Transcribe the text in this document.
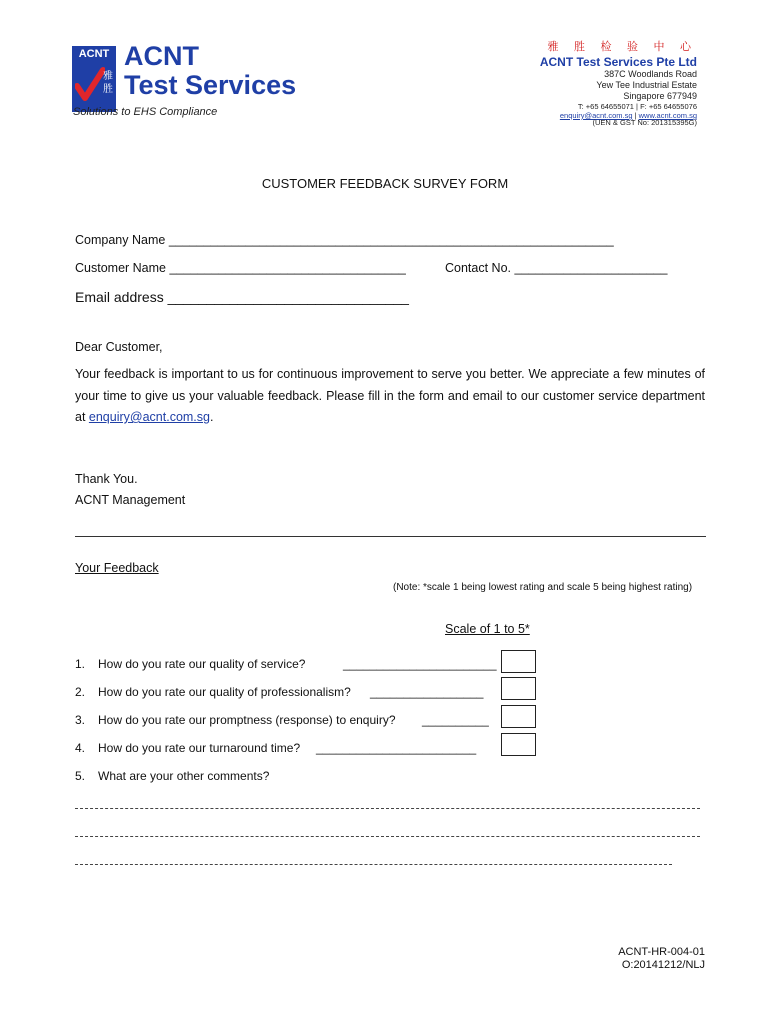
ACNT
雅
胜
ACNT
Test Services
Solutions to EHS Compliance
雅 胜 检 验 中 心
ACNT Test Services Pte Ltd
387C Woodlands Road
Yew Tee Industrial Estate
Singapore 677949
T: +65 64655071 | F: +65 64655076
enquiry@acnt.com.sg | www.acnt.com.sg
(UEN & GST No: 201315395G)
CUSTOMER FEEDBACK SURVEY FORM
Company Name ________________________________________________________________
Customer Name __________________________________	Contact No. ______________________
Email address _______________________________
Dear Customer,
Your feedback is important to us for continuous improvement to serve you better. We appreciate a few minutes of your time to give us your valuable feedback. Please fill in the form and email to our customer service department at enquiry@acnt.com.sg.
Thank You.
ACNT Management
Your Feedback
(Note: *scale 1 being lowest rating and scale 5 being highest rating)
Scale of 1 to 5*
1. How do you rate our quality of service?	_______________________
2. How do you rate our quality of professionalism? _________________
3. How do you rate our promptness (response) to enquiry? __________
4. How do you rate our turnaround time? ________________________
5. What are your other comments?
ACNT-HR-004-01
O:20141212/NLJ
